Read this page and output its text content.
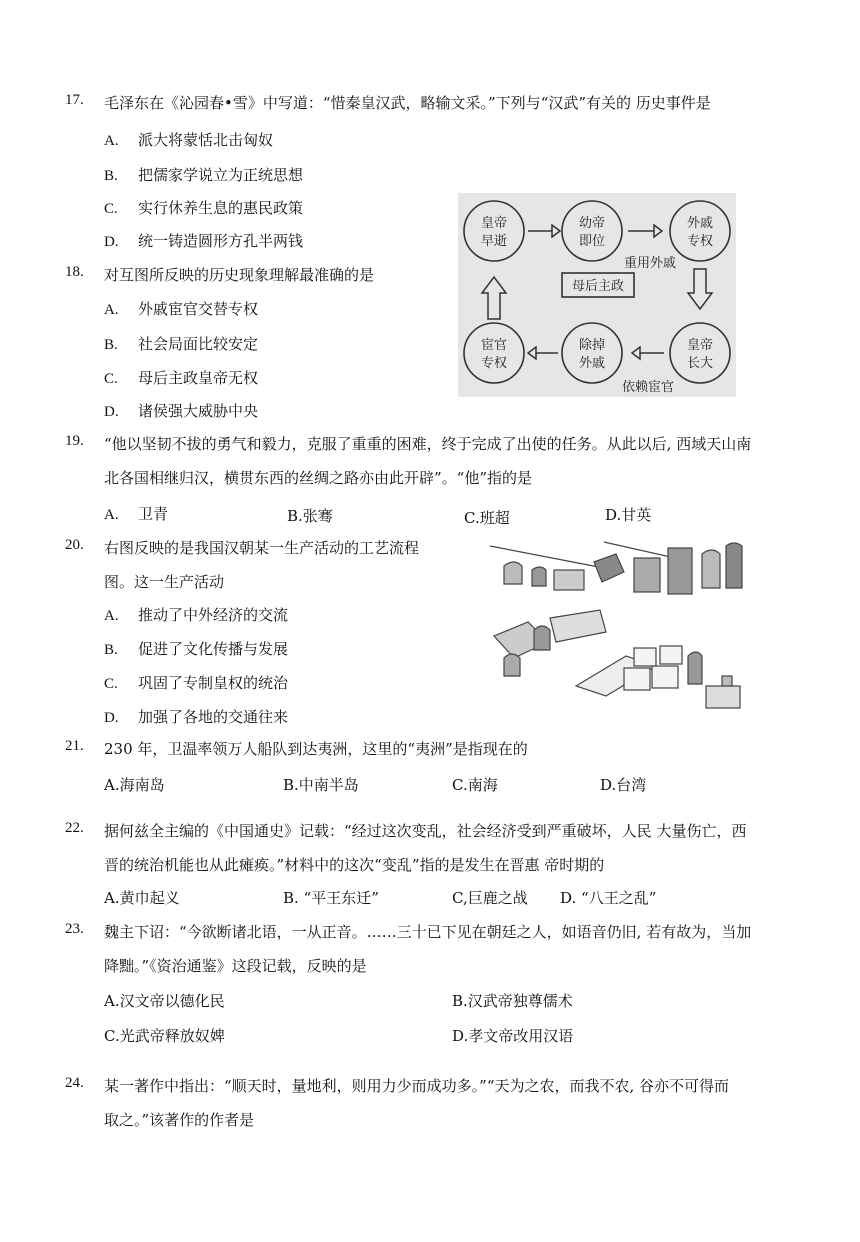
17. 毛泽东在《沁园春•雪》中写道：“惜秦皇汉武，略输文采。”下列与“汉武”有关的 历史事件是
A. 派大将蒙恬北击匈奴
B. 把儒家学说立为正统思想
C. 实行休养生息的惠民政策
D. 统一铸造圆形方孔半两钱
18. 对互图所反映的历史现象理解最准确的是
A. 外戚宦官交替专权
B. 社会局面比较安定
C. 母后主政皇帝无权
D. 诸侯强大威胁中央
皇帝
早逝
幼帝
即位
外戚
专权
皇帝
长大
除掉
外戚
宦官
专权
母后主政
重用外戚
依赖宦官
19. “他以坚韧不拔的勇气和毅力，克服了重重的困难，终于完成了出使的任务。从此以后, 西域天山南
北各国相继归汉，横贯东西的丝绸之路亦由此开辟”。“他”指的是
A. 卫青	B.张骞	C.班超	D.甘英
20. 右图反映的是我国汉朝某一生产活动的工艺流程
图。这一生产活动
A. 推动了中外经济的交流
B. 促进了文化传播与发展
C. 巩固了专制皇权的统治
D. 加强了各地的交通往来
21. 230 年，卫温率领万人船队到达夷洲，这里的“夷洲”是指现在的
A.海南岛	B.中南半岛	C.南海	D.台湾
22. 据何兹全主编的《中国通史》记载：“经过这次变乱，社会经济受到严重破坏，人民 大量伤亡，西
晋的统治机能也从此瘫痪。”材料中的这次“变乱”指的是发生在晋惠 帝时期的
A.黄巾起义	B. “平王东迁”	C,巨鹿之战 D. “八王之乱”
23. 魏主下诏：“今欲断诸北语，一从正音。……三十已下见在朝廷之人，如语音仍旧, 若有故为，当加
降黜。”《资治通鉴》这段记载，反映的是
A.汉文帝以德化民	B.汉武帝独尊儒术
C.光武帝释放奴婢	D.孝文帝改用汉语
24. 某一著作中指出：“顺天时，量地利，则用力少而成功多。”“天为之农，而我不农, 谷亦不可得而
取之。”该著作的作者是
